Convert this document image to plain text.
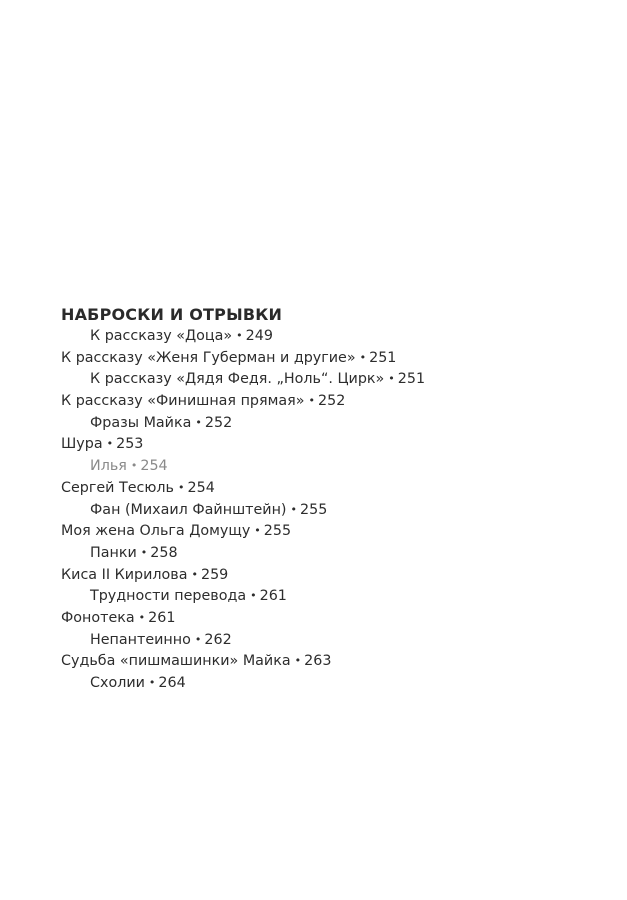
НАБРОСКИ И ОТРЫВКИ
К рассказу «Доца» • 249
К рассказу «Женя Губерман и другие» • 251
К рассказу «Дядя Федя. „Ноль“. Цирк» • 251
К рассказу «Финишная прямая» • 252
Фразы Майка • 252
Шура • 253
Илья • 254
Сергей Тесюль • 254
Фан (Михаил Файнштейн) • 255
Моя жена Ольга Домущу • 255
Панки • 258
Киса II Кирилова • 259
Трудности перевода • 261
Фонотека • 261
Непантеинно • 262
Судьба «пишмашинки» Майка • 263
Схолии • 264
